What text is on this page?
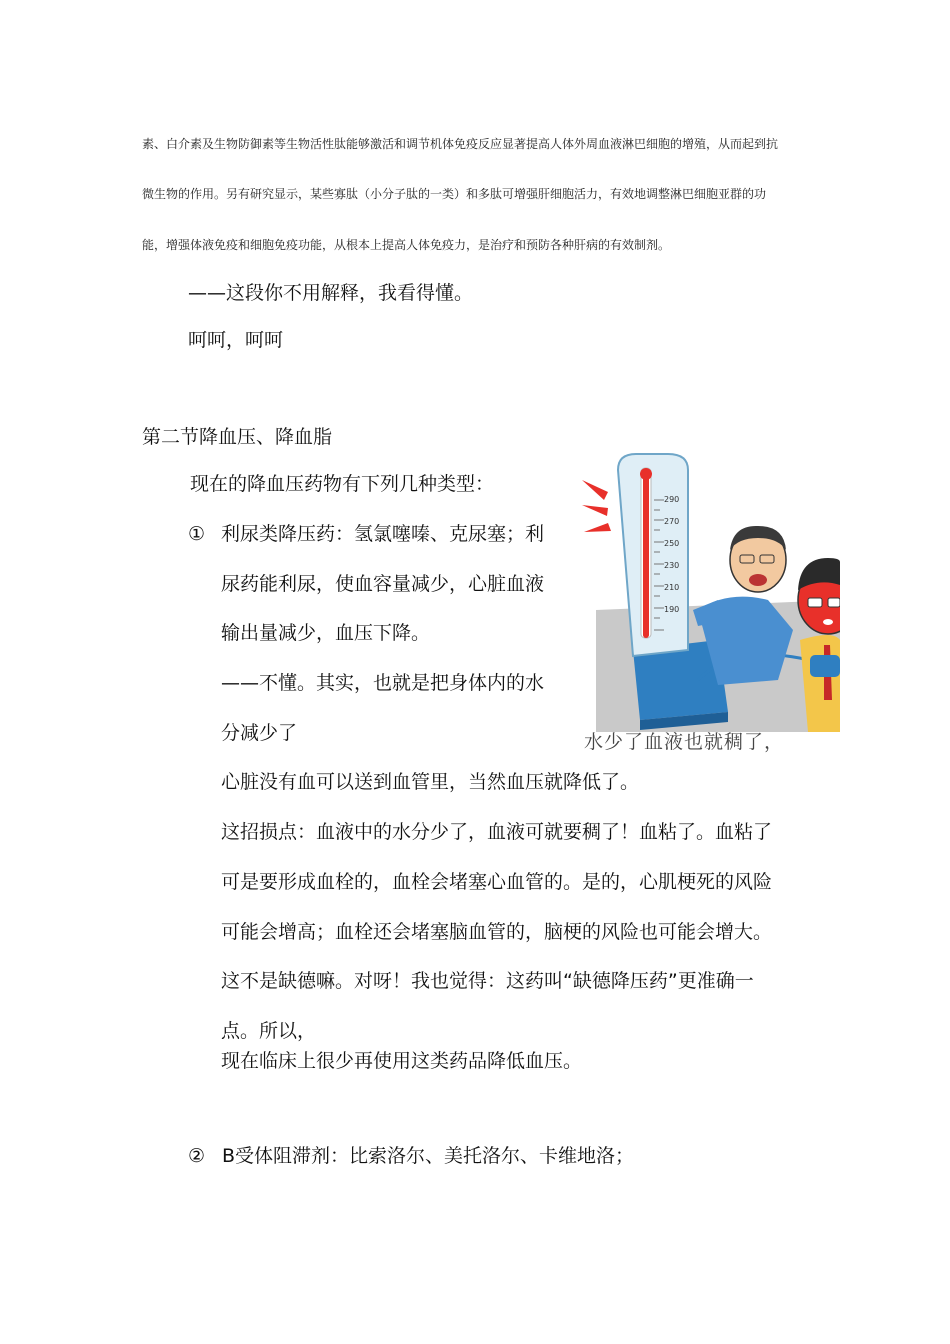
素、白介素及生物防御素等生物活性肽能够激活和调节机体免疫反应显著提高人体外周血液淋巴细胞的增殖，从而起到抗
微生物的作用。另有研究显示，某些寡肽（小分子肽的一类）和多肽可增强肝细胞活力，有效地调整淋巴细胞亚群的功
能，增强体液免疫和细胞免疫功能，从根本上提高人体免疫力，是治疗和预防各种肝病的有效制剂。
——这段你不用解释，我看得懂。
呵呵，呵呵
第二节降血压、降血脂
现在的降血压药物有下列几种类型：
① 利尿类降压药：氢氯噻嗪、克尿塞；利
尿药能利尿，使血容量减少，心脏血液
输出量减少，血压下降。
——不懂。其实，也就是把身体内的水
分减少了
心脏没有血可以送到血管里，当然血压就降低了。
这招损点：血液中的水分少了，血液可就要稠了！血粘了。血粘了
可是要形成血栓的，血栓会堵塞心血管的。是的，心肌梗死的风险
可能会增高；血栓还会堵塞脑血管的，脑梗的风险也可能会增大。
这不是缺德嘛。对呀！我也觉得：这药叫“缺德降压药”更准确一
点。所以，
现在临床上很少再使用这类药品降低血压。
② Β受体阻滞剂：比索洛尔、美托洛尔、卡维地洛；
290
270
250
230
210
190
水少了血液也就稠了，
